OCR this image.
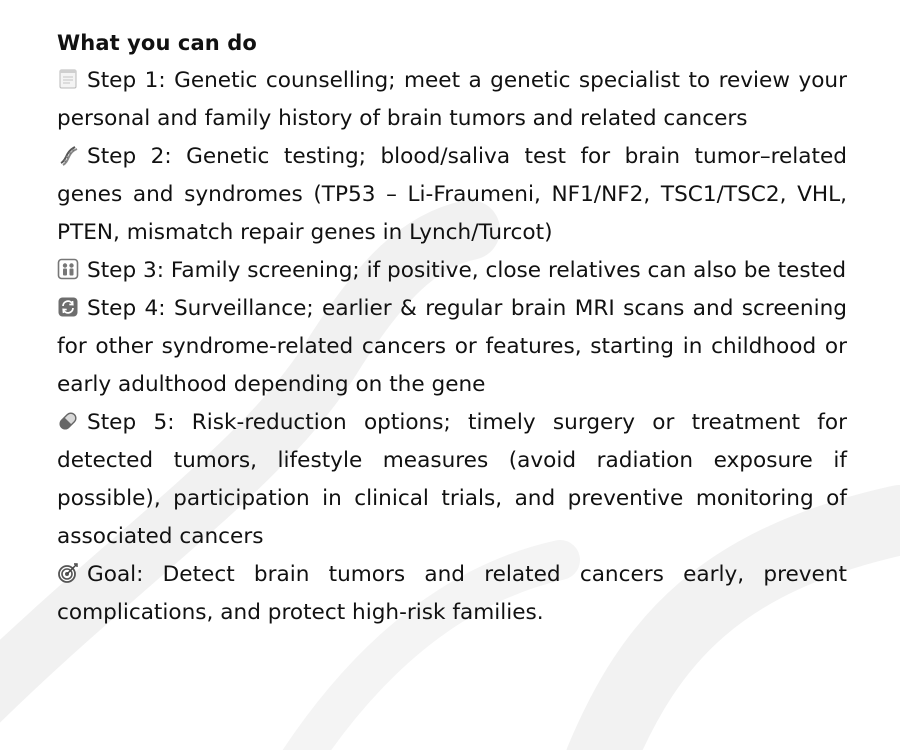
What you can do

Step 1: Genetic counselling; meet a genetic specialist to review your personal and family history of brain tumors and related cancers

Step 2: Genetic testing; blood/saliva test for brain tumor–related genes and syndromes (TP53 – Li-Fraumeni, NF1/NF2, TSC1/TSC2, VHL, PTEN, mismatch repair genes in Lynch/Turcot)

Step 3: Family screening; if positive, close relatives can also be tested

Step 4: Surveillance; earlier & regular brain MRI scans and screening for other syndrome-related cancers or features, starting in childhood or early adulthood depending on the gene

Step 5: Risk-reduction options; timely surgery or treatment for detected tumors, lifestyle measures (avoid radiation exposure if possible), participation in clinical trials, and preventive monitoring of associated cancers

Goal: Detect brain tumors and related cancers early, prevent complications, and protect high-risk families.
